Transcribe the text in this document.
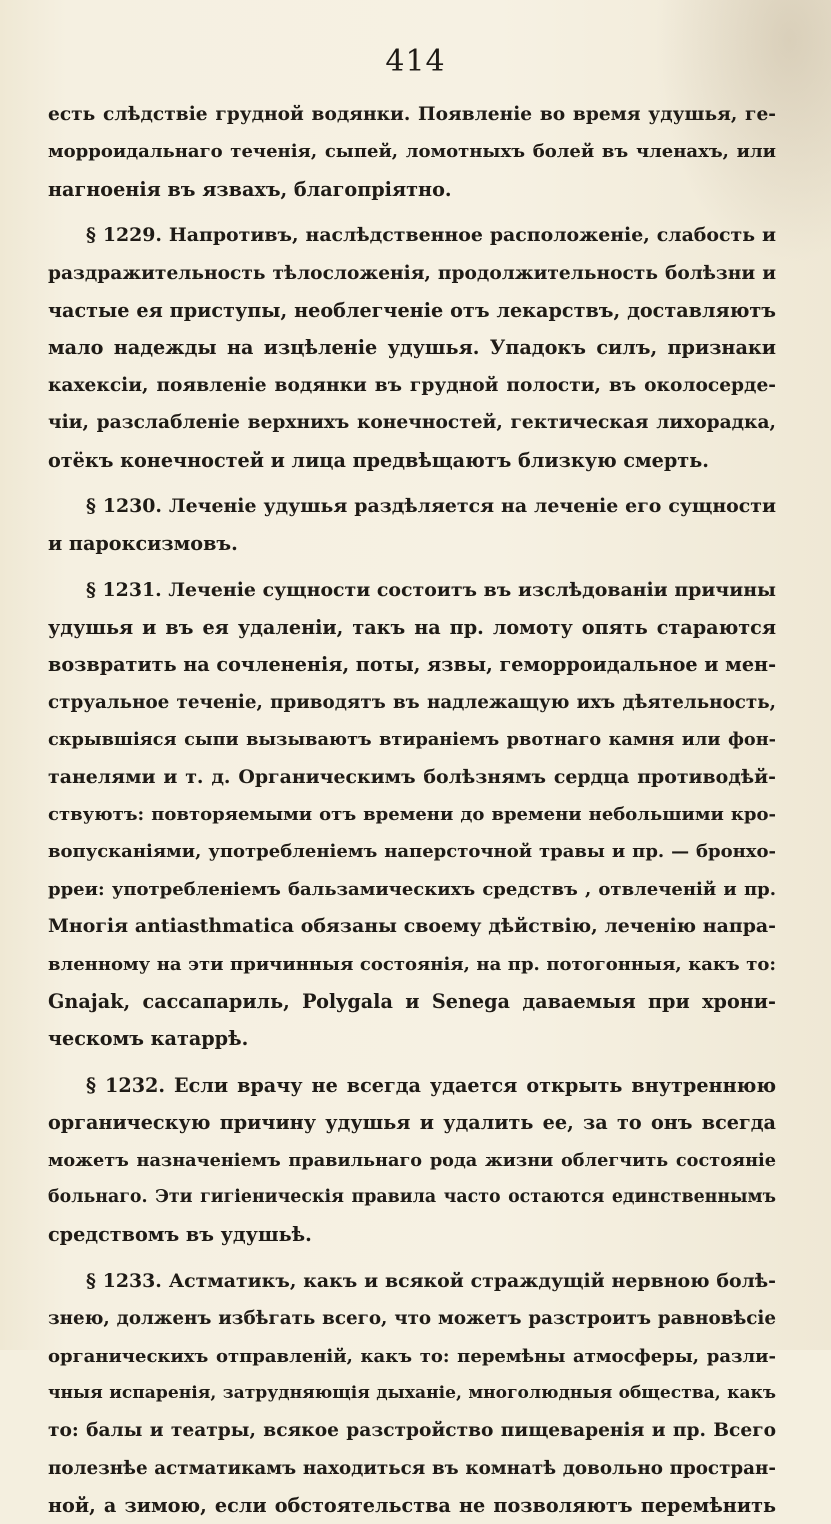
414
есть слѣдствіе грудной водянки. Появленіе во время удушья, ге-
морроидальнаго теченія, сыпей, ломотныхъ болей въ членахъ, или
нагноенія въ язвахъ, благопріятно.
§ 1229. Напротивъ, наслѣдственное расположеніе, слабость и
раздражительность тѣлосложенія, продолжительность болѣзни и
частые ея приступы, необлегченіе отъ лекарствъ, доставляютъ
мало надежды на изцѣленіе удушья. Упадокъ силъ, признаки
кахексіи, появленіе водянки въ грудной полости, въ околосерде-
чіи, разслабленіе верхнихъ конечностей, гектическая лихорадка,
отёкъ конечностей и лица предвѣщаютъ близкую смерть.
§ 1230. Леченіе удушья раздѣляется на леченіе его сущности
и пароксизмовъ.
§ 1231. Леченіе сущности состоитъ въ изслѣдованіи причины
удушья и въ ея удаленіи, такъ на пр. ломоту опять стараются
возвратить на сочлененія, поты, язвы, геморроидальное и мен-
струальное теченіе, приводятъ въ надлежащую ихъ дѣятельность,
скрывшіяся сыпи вызываютъ втираніемъ рвотнаго камня или фон-
танелями и т. д. Органическимъ болѣзнямъ сердца противодѣй-
ствуютъ: повторяемыми отъ времени до времени небольшими кро-
вопусканіями, употребленіемъ наперсточной травы и пр. — бронхо-
рреи: употребленіемъ бальзамическихъ средствъ , отвлеченій и пр.
Многія antiasthmatica обязаны своему дѣйствію, леченію напра-
вленному на эти причинныя состоянія, на пр. потогонныя, какъ то:
Gnajak, сассапариль, Polygala и Senega даваемыя при хрони-
ческомъ катаррѣ.
§ 1232. Если врачу не всегда удается открыть внутреннюю
органическую причину удушья и удалить ее, за то онъ всегда
можетъ назначеніемъ правильнаго рода жизни облегчить состояніе
больнаго. Эти гигіеническія правила часто остаются единственнымъ
средствомъ въ удушьѣ.
§ 1233. Астматикъ, какъ и всякой страждущій нервною болѣ-
знею, долженъ избѣгать всего, что можетъ разстроитъ равновѣсіе
органическихъ отправленій, какъ то: перемѣны атмосферы, разли-
чныя испаренія, затрудняющія дыханіе, многолюдныя общества, какъ
то: балы и театры, всякое разстройство пищеваренія и пр. Всего
полезнѣе астматикамъ находиться въ комнатѣ довольно простран-
ной, а зимою, если обстоятельства не позволяютъ перемѣнить
